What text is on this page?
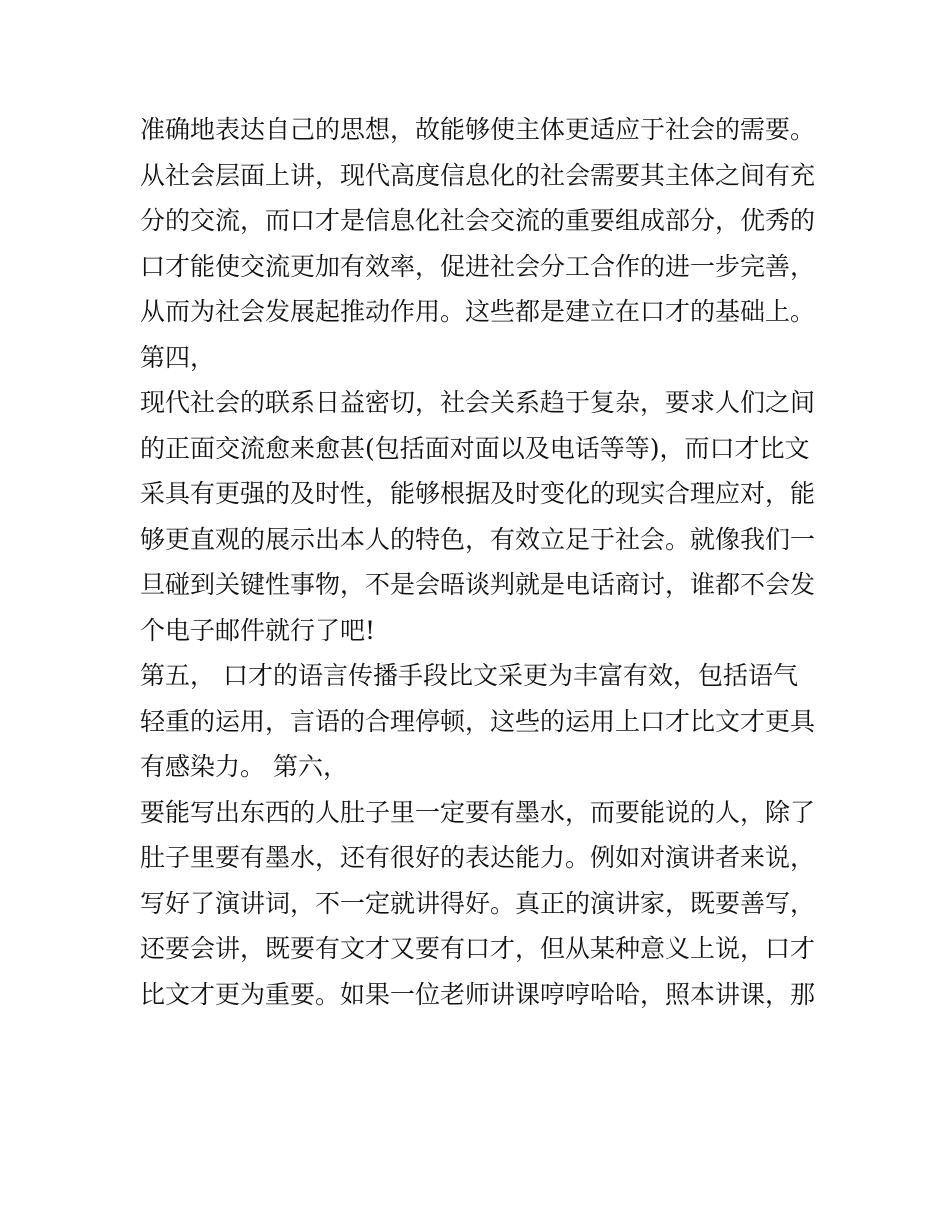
准确地表达自己的思想，故能够使主体更适应于社会的需要。
从社会层面上讲，现代高度信息化的社会需要其主体之间有充
分的交流，而口才是信息化社会交流的重要组成部分，优秀的
口才能使交流更加有效率，促进社会分工合作的进一步完善，
从而为社会发展起推动作用。这些都是建立在口才的基础上。
第四，
现代社会的联系日益密切，社会关系趋于复杂，要求人们之间
的正面交流愈来愈甚(包括面对面以及电话等等)，而口才比文
采具有更强的及时性，能够根据及时变化的现实合理应对，能
够更直观的展示出本人的特色，有效立足于社会。就像我们一
旦碰到关键性事物，不是会晤谈判就是电话商讨，谁都不会发
个电子邮件就行了吧!
第五， 口才的语言传播手段比文采更为丰富有效，包括语气
轻重的运用，言语的合理停顿，这些的运用上口才比文才更具
有感染力。 第六，
要能写出东西的人肚子里一定要有墨水，而要能说的人，除了
肚子里要有墨水，还有很好的表达能力。例如对演讲者来说，
写好了演讲词，不一定就讲得好。真正的演讲家，既要善写，
还要会讲，既要有文才又要有口才，但从某种意义上说，口才
比文才更为重要。如果一位老师讲课哼哼哈哈，照本讲课，那
